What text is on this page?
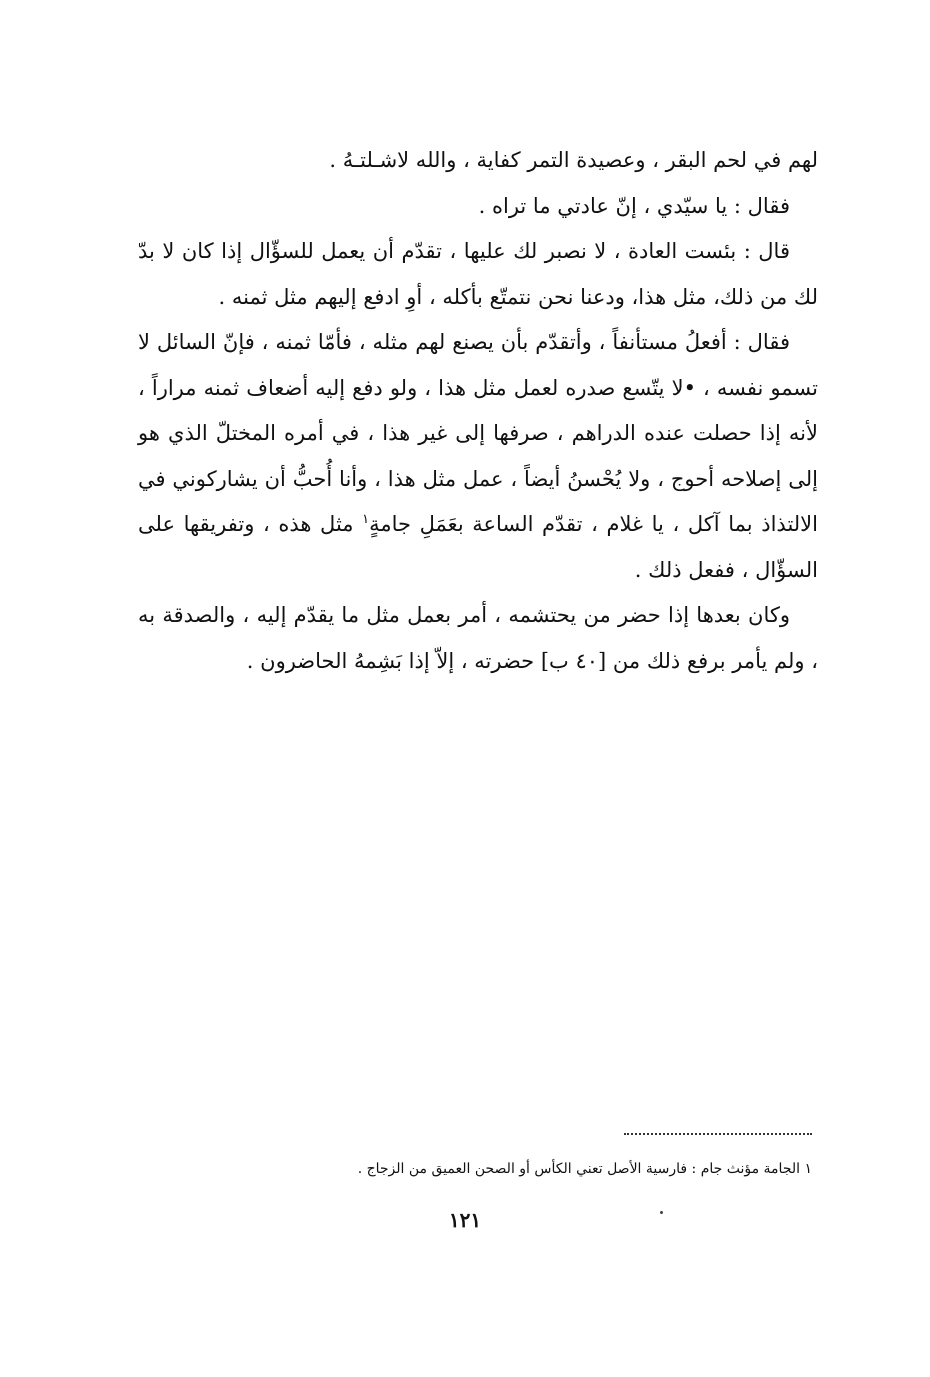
لهم في لحم البقر ، وعصيدة التمر كفاية ، والله لاشـلتـهُ .

فقال : يا سيّدي ، إنّ عادتي ما تراه .

قال : بئست العادة ، لا نصبر لك عليها ، تقدّم أن يعمل للسؤّال إذا كان لا بدّ لك من ذلك، مثل هذا، ودعنا نحن نتمتّع بأكله ، أوِ ادفع إليهم مثل ثمنه .

فقال : أفعلُ مستأنفاً ، وأتقدّم بأن يصنع لهم مثله ، فأمّا ثمنه ، فإنّ السائل لا تسمو نفسه ، •لا يتّسع صدره لعمل مثل هذا ، ولو دفع إليه أضعاف ثمنه مراراً ، لأنه إذا حصلت عنده الدراهم ، صرفها إلى غير هذا ، في أمره المختلّ الذي هو إلى إصلاحه أحوج ، ولا يُحْسنُ أيضاً ، عمل مثل هذا ، وأنا أُحبُّ أن يشاركوني في الالتذاذ بما آكل ، يا غلام ، تقدّم الساعة بعَمَلِ جامةٍ$^١$ مثل هذه ، وتفريقها على السؤّال ، ففعل ذلك .

وكان بعدها إذا حضر من يحتشمه ، أمر بعمل مثل ما يقدّم إليه ، والصدقة به ، ولم يأمر برفع ذلك من [٤٠ ب] حضرته ، إلاّ إذا بَشِمهُ الحاضرون .

١ الجامة مؤنث جام : فارسية الأصل تعني الكأس أو الصحن العميق من الزجاج .
١٢١
